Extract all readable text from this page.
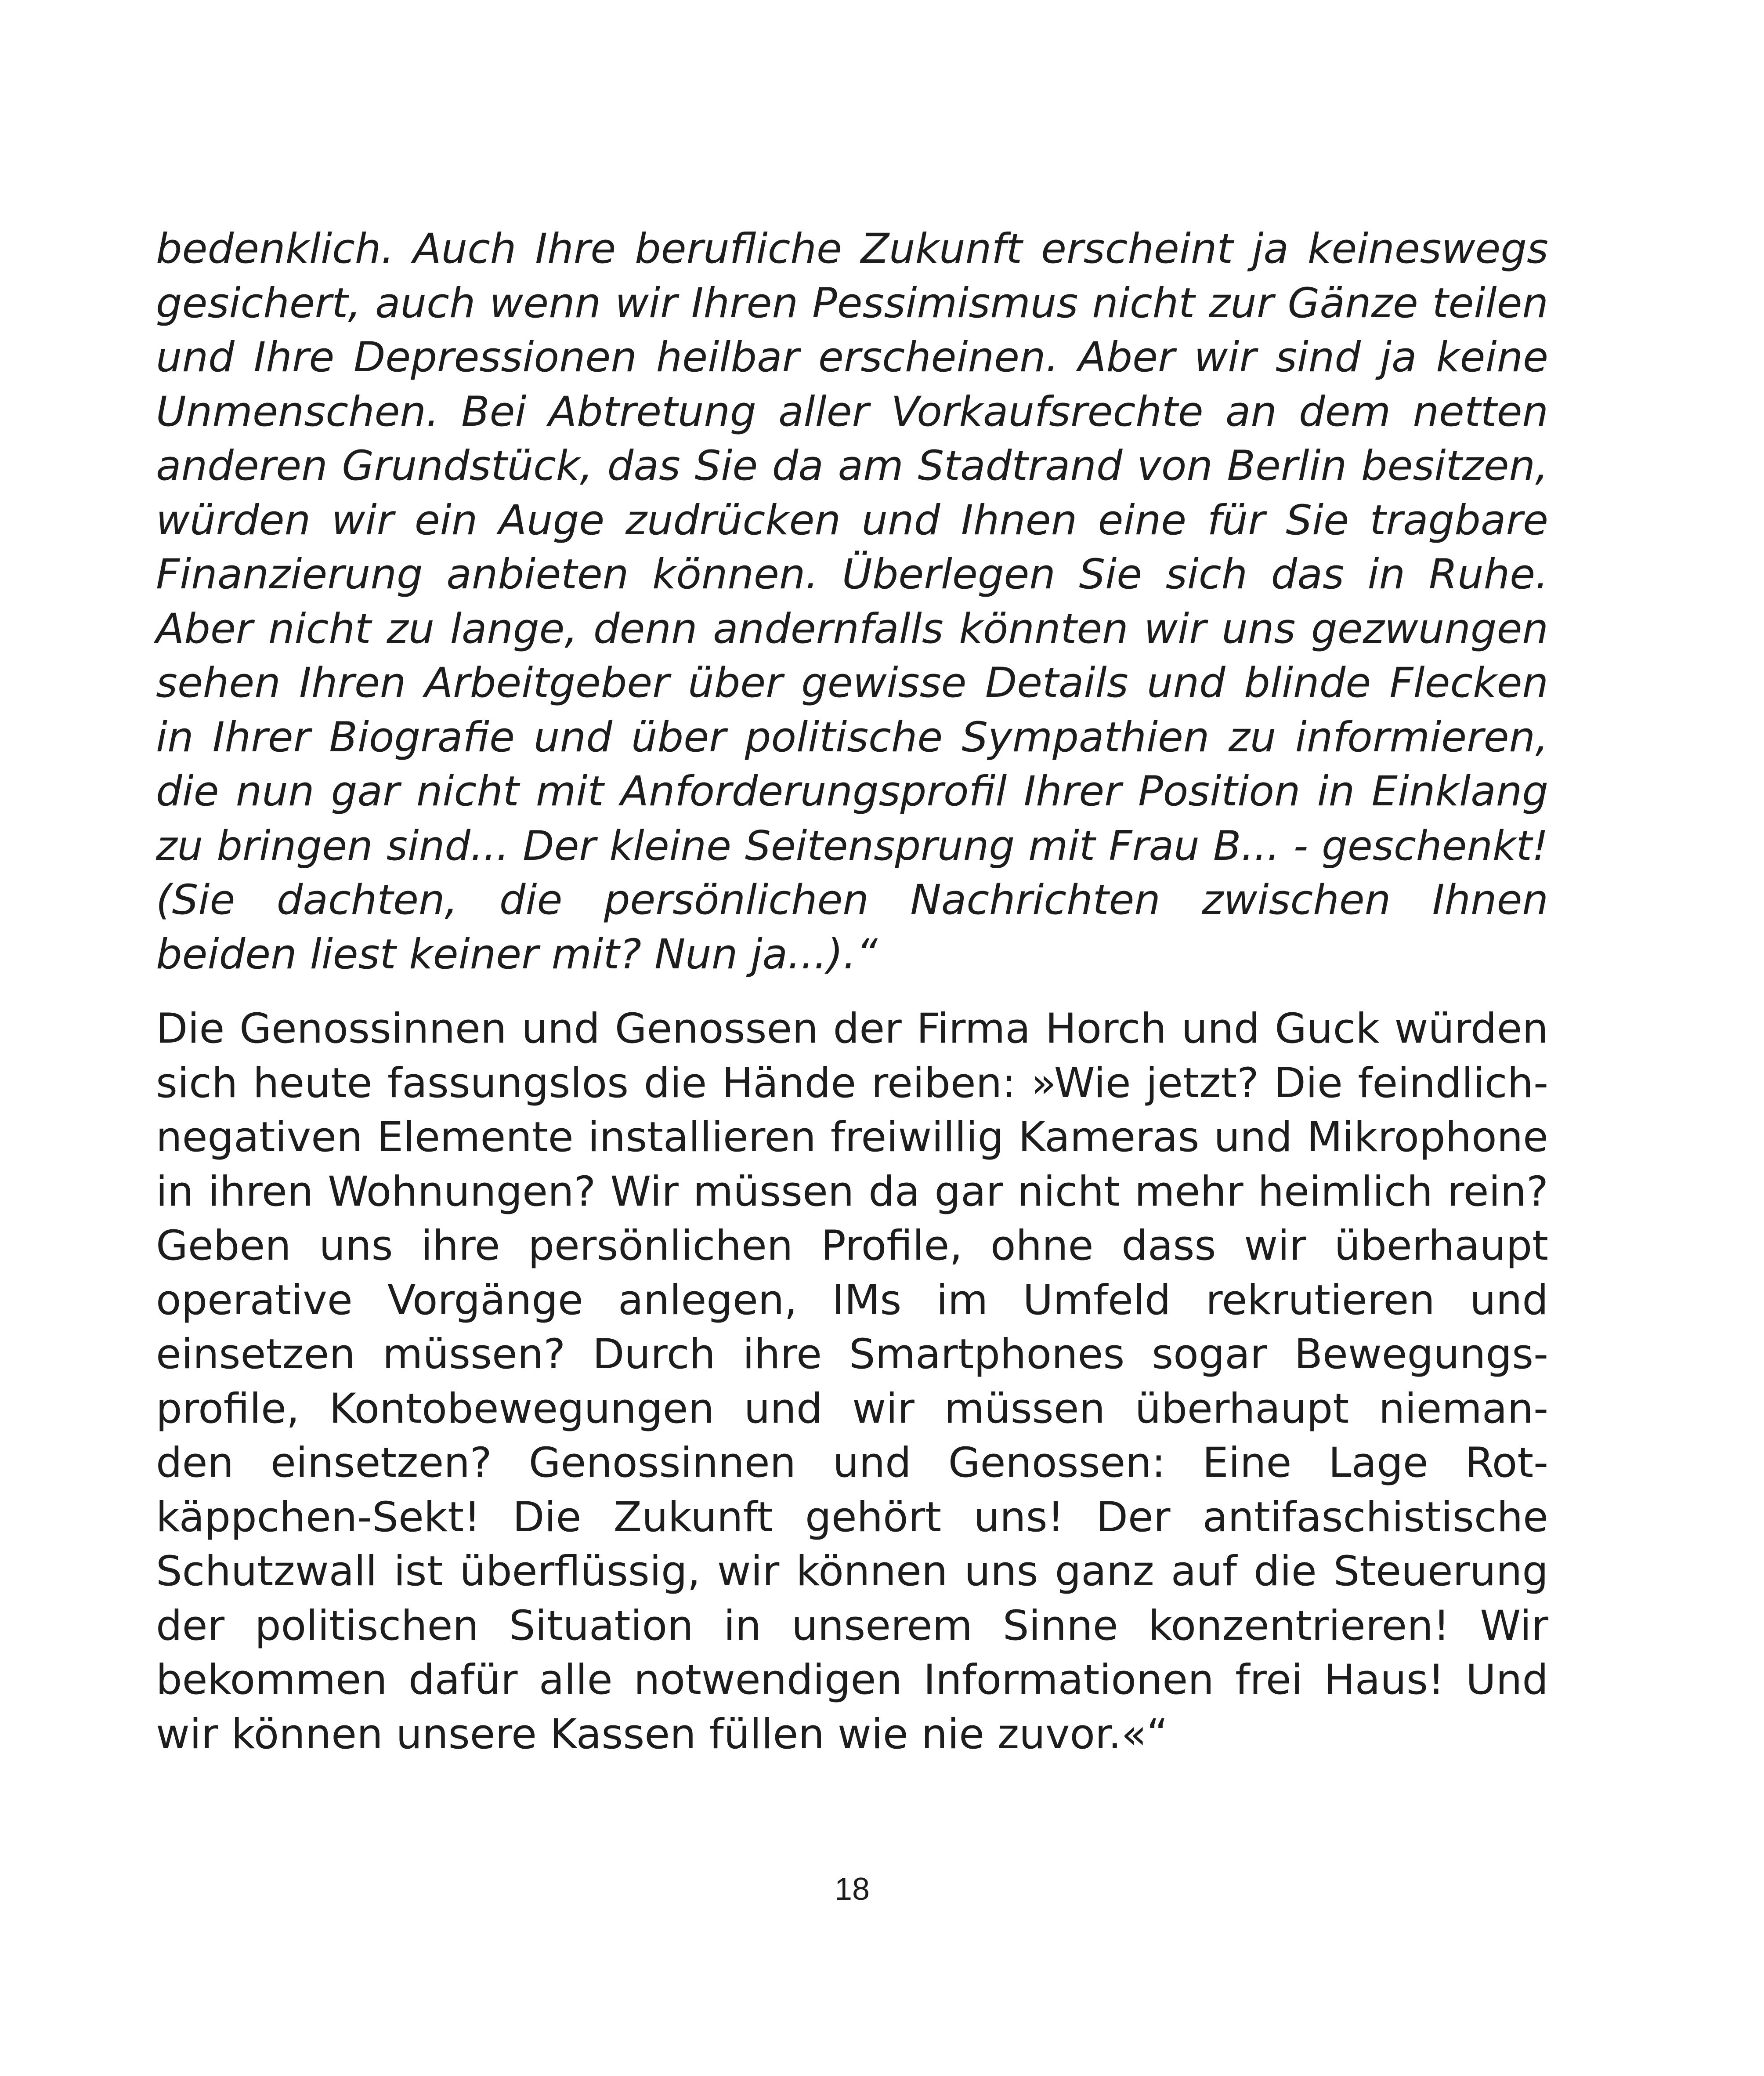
bedenklich. Auch Ihre berufliche Zukunft erscheint ja keineswegs
gesichert, auch wenn wir Ihren Pessimismus nicht zur Gänze teilen
und Ihre Depressionen heilbar erscheinen. Aber wir sind ja keine
Unmenschen. Bei Abtretung aller Vorkaufsrechte an dem netten
anderen Grundstück, das Sie da am Stadtrand von Berlin besitzen,
würden wir ein Auge zudrücken und Ihnen eine für Sie tragbare
Finanzierung anbieten können. Überlegen Sie sich das in Ruhe.
Aber nicht zu lange, denn andernfalls könnten wir uns gezwungen
sehen Ihren Arbeitgeber über gewisse Details und blinde Flecken
in Ihrer Biografie und über politische Sympathien zu informieren,
die nun gar nicht mit Anforderungsprofil Ihrer Position in Einklang
zu bringen sind... Der kleine Seitensprung mit Frau B... - geschenkt!
(Sie dachten, die persönlichen Nachrichten zwischen Ihnen
beiden liest keiner mit? Nun ja...).“
Die Genossinnen und Genossen der Firma Horch und Guck würden
sich heute fassungslos die Hände reiben: »Wie jetzt? Die feindlich-
negativen Elemente installieren freiwillig Kameras und Mikrophone
in ihren Wohnungen? Wir müssen da gar nicht mehr heimlich rein?
Geben uns ihre persönlichen Profile, ohne dass wir überhaupt
operative Vorgänge anlegen, IMs im Umfeld rekrutieren und
einsetzen müssen? Durch ihre Smartphones sogar Bewegungs-
profile, Kontobewegungen und wir müssen überhaupt nieman-
den einsetzen? Genossinnen und Genossen: Eine Lage Rot-
käppchen-Sekt! Die Zukunft gehört uns! Der antifaschistische
Schutzwall ist überflüssig, wir können uns ganz auf die Steuerung
der politischen Situation in unserem Sinne konzentrieren! Wir
bekommen dafür alle notwendigen Informationen frei Haus! Und
wir können unsere Kassen füllen wie nie zuvor.«“
18
